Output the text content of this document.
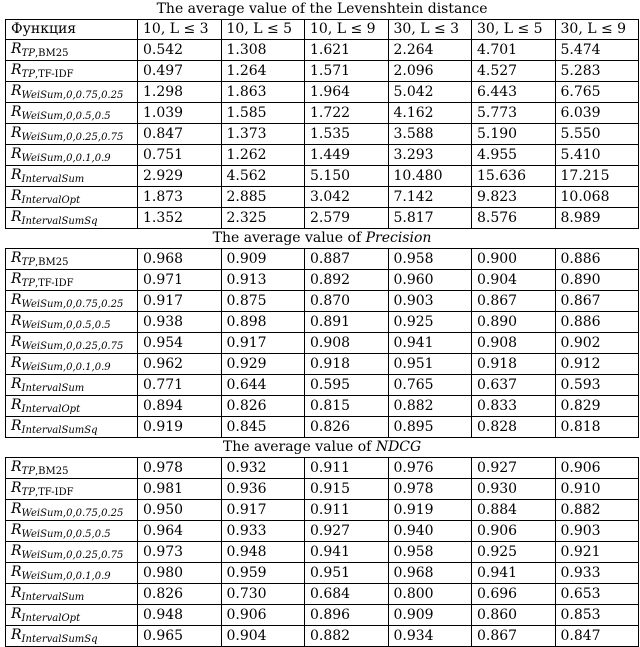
The average value of the Levenshtein distance						
Функция	10, L ≤ 3	10, L ≤ 5	10, L ≤ 9	30, L ≤ 3	30, L ≤ 5	30, L ≤ 9
$R_{TP,BM25}$	0.542	1.308	1.621	2.264	4.701	5.474
$R_{TP,TF-IDF}$	0.497	1.264	1.571	2.096	4.527	5.283
$R_{WeiSum,0,0.75,0.25}$	1.298	1.863	1.964	5.042	6.443	6.765
$R_{WeiSum,0,0.5,0.5}$	1.039	1.585	1.722	4.162	5.773	6.039
$R_{WeiSum,0,0.25,0.75}$	0.847	1.373	1.535	3.588	5.190	5.550
$R_{WeiSum,0,0.1,0.9}$	0.751	1.262	1.449	3.293	4.955	5.410
$R_{IntervalSum}$	2.929	4.562	5.150	10.480	15.636	17.215
$R_{IntervalOpt}$	1.873	2.885	3.042	7.142	9.823	10.068
$R_{IntervalSumSq}$	1.352	2.325	2.579	5.817	8.576	8.989
The average value of Precision						
$R_{TP,BM25}$	0.968	0.909	0.887	0.958	0.900	0.886
$R_{TP,TF-IDF}$	0.971	0.913	0.892	0.960	0.904	0.890
$R_{WeiSum,0,0.75,0.25}$	0.917	0.875	0.870	0.903	0.867	0.867
$R_{WeiSum,0,0.5,0.5}$	0.938	0.898	0.891	0.925	0.890	0.886
$R_{WeiSum,0,0.25,0.75}$	0.954	0.917	0.908	0.941	0.908	0.902
$R_{WeiSum,0,0.1,0.9}$	0.962	0.929	0.918	0.951	0.918	0.912
$R_{IntervalSum}$	0.771	0.644	0.595	0.765	0.637	0.593
$R_{IntervalOpt}$	0.894	0.826	0.815	0.882	0.833	0.829
$R_{IntervalSumSq}$	0.919	0.845	0.826	0.895	0.828	0.818
The average value of NDCG						
$R_{TP,BM25}$	0.978	0.932	0.911	0.976	0.927	0.906
$R_{TP,TF-IDF}$	0.981	0.936	0.915	0.978	0.930	0.910
$R_{WeiSum,0,0.75,0.25}$	0.950	0.917	0.911	0.919	0.884	0.882
$R_{WeiSum,0,0.5,0.5}$	0.964	0.933	0.927	0.940	0.906	0.903
$R_{WeiSum,0,0.25,0.75}$	0.973	0.948	0.941	0.958	0.925	0.921
$R_{WeiSum,0,0.1,0.9}$	0.980	0.959	0.951	0.968	0.941	0.933
$R_{IntervalSum}$	0.826	0.730	0.684	0.800	0.696	0.653
$R_{IntervalOpt}$	0.948	0.906	0.896	0.909	0.860	0.853
$R_{IntervalSumSq}$	0.965	0.904	0.882	0.934	0.867	0.847
